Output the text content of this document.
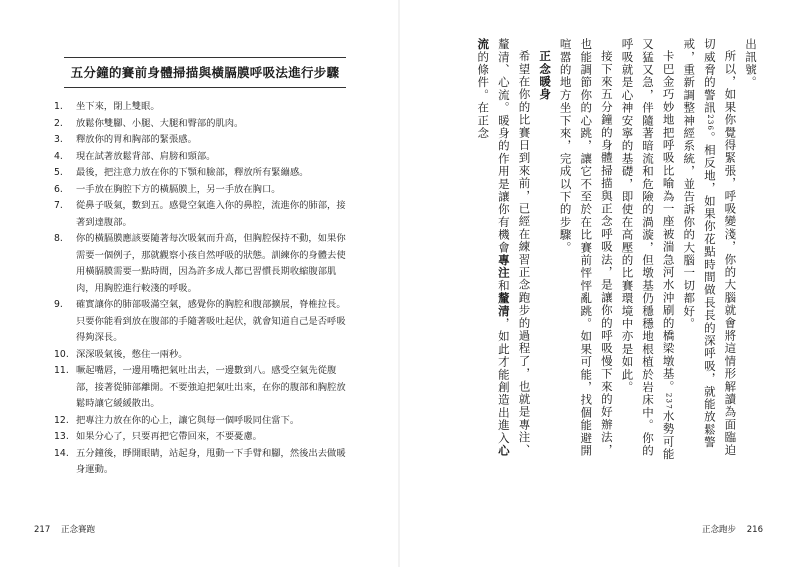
五分鐘的賽前身體掃描與橫膈膜呼吸法進行步驟
1.	坐下來，閉上雙眼。
2.	放鬆你雙腳、小腿、大腿和臀部的肌肉。
3.	釋放你的胃和胸部的緊張感。
4.	現在試著放鬆背部、肩膀和頸部。
5.	最後，把注意力放在你的下顎和臉部，釋放所有緊繃感。
6.	一手放在胸腔下方的橫膈膜上，另一手放在胸口。
7.	從鼻子吸氣，數到五。感覺空氣進入你的鼻腔，流進你的肺部，接著到達腹部。
8.	你的橫膈膜應該要隨著每次吸氣而升高，但胸腔保持不動，如果你需要一個例子，那就觀察小孩自然呼吸的狀態。訓練你的身體去使用橫膈膜需要一點時間，因為許多成人都已習慣長期收縮腹部肌肉，用胸腔進行較淺的呼吸。
9.	確實讓你的肺部吸滿空氣，感覺你的胸腔和腹部擴展，脊椎拉長。只要你能看到放在腹部的手隨著吸吐起伏，就會知道自己是否呼吸得夠深長。
10. 深深吸氣後，憋住一兩秒。
11. 噘起嘴唇，一邊用嘴把氣吐出去，一邊數到八。感受空氣先從腹部，接著從肺部離開。不要強迫把氣吐出來，在你的腹部和胸腔放鬆時讓它緩緩散出。
12. 把專注力放在你的心上，讓它與每一個呼吸同住當下。
13. 如果分心了，只要再把它帶回來，不要憂慮。
14. 五分鐘後，睜開眼睛，站起身，甩動一下手臂和腳，然後出去做暖身運動。
217 正念賽跑

出訊號。

所以，如果你覺得緊張，呼吸變淺，你的大腦就會將這情形解讀為面臨迫切威脅的警訊236。相反地，如果你花點時間做長長的深呼吸，就能放鬆警戒，重新調整神經系統，並告訴你的大腦一切都好。

卡巴金巧妙地把呼吸比喻為一座被湍急河水沖刷的橋梁墩基。237水勢可能又猛又急，伴隨著暗流和危險的渦漩，但墩基仍穩穩地根植於岩床中。你的呼吸就是心神安寧的基礎，即使在高壓的比賽環境中亦是如此。

接下來五分鐘的身體掃描與正念呼吸法，是讓你的呼吸慢下來的好辦法，也能調節你的心跳，讓它不至於在比賽前怦怦亂跳。如果可能，找個能避開喧嚣的地方坐下來，完成以下的步驟。

正念暖身

希望在你的比賽日到來前，已經在練習正念跑步的過程了，也就是專注、釐清、心流。暖身的作用是讓你有機會專注和釐清，如此才能創造出進入心流的條件。在正念

正念跑步 216
